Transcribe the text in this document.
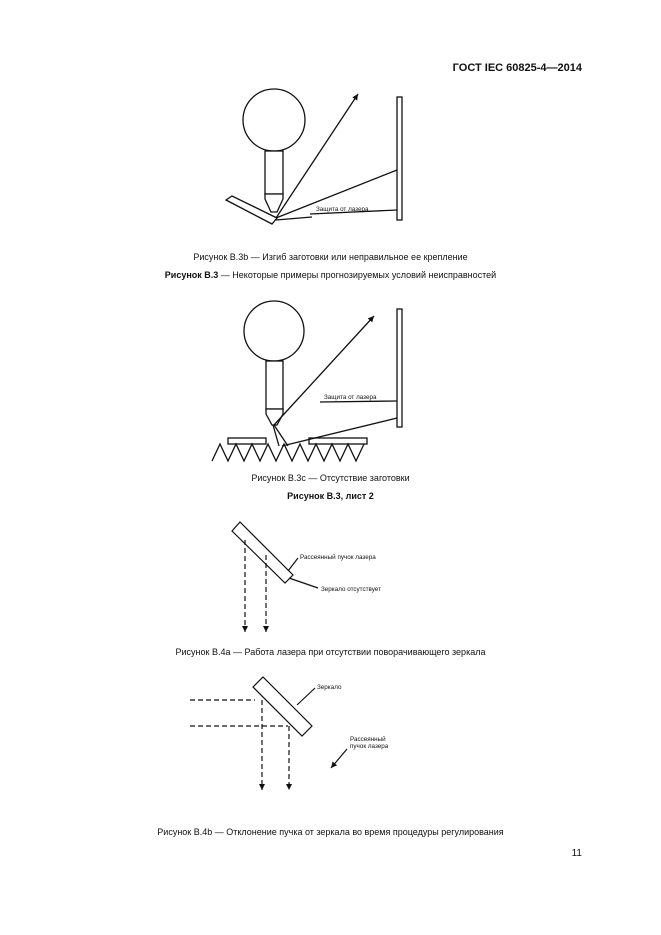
ГОСТ IEC 60825-4—2014
Защита от лазера
Защита от лазера
Рассеянный пучок лазера
Зеркало отсутствует
Зеркало
Рассеянный
пучок лазера
Рисунок В.3b — Изгиб заготовки или неправильное ее крепление
Рисунок В.3 — Некоторые примеры прогнозируемых условий неисправностей
Рисунок В.3с — Отсутствие заготовки
Рисунок В.3, лист 2
Рисунок В.4а — Работа лазера при отсутствии поворачивающего зеркала
Рисунок В.4b — Отклонение пучка от зеркала во время процедуры регулирования
11
